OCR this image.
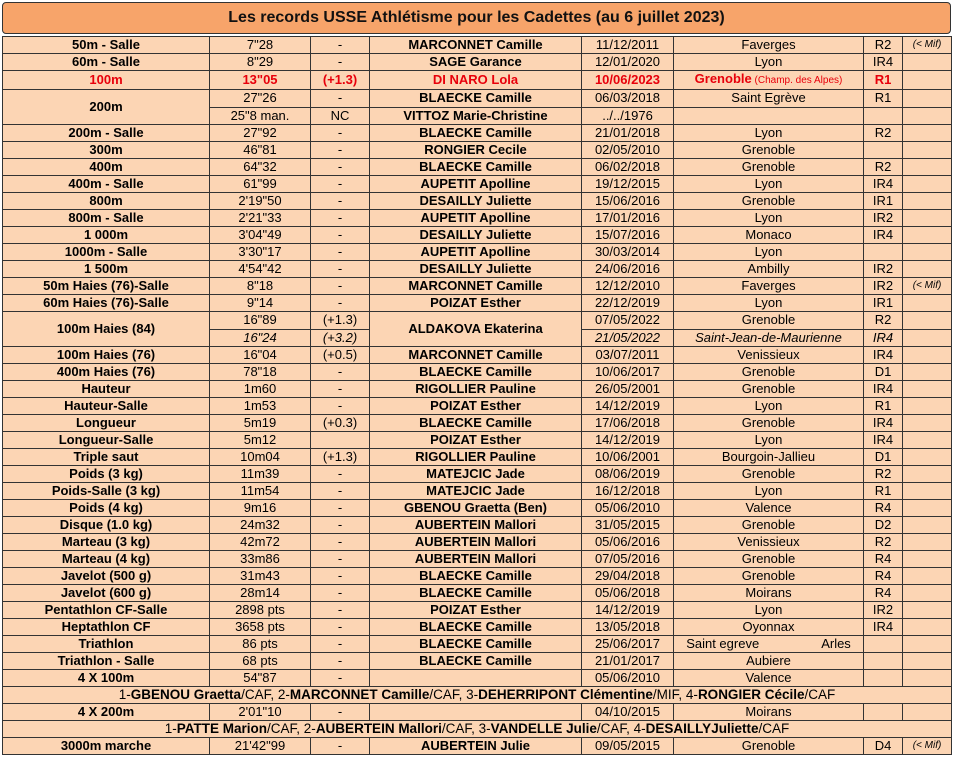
Les records USSE Athlétisme pour les Cadettes (au 6 juillet 2023)
50m - Salle	7"28	-	MARCONNET Camille	11/12/2011	Faverges	R2	(< Mif)
60m - Salle	8"29	-	SAGE Garance	12/01/2020	Lyon	IR4	
100m	13"05	(+1.3)	DI NARO Lola	10/06/2023	Grenoble (Champ. des Alpes)	R1	
200m	27"26	-	BLAECKE Camille	06/03/2018	Saint Egrève	R1	
	25"8 man.	NC	VITTOZ Marie-Christine	../../1976			
200m - Salle	27"92	-	BLAECKE Camille	21/01/2018	Lyon	R2	
300m	46"81	-	RONGIER Cecile	02/05/2010	Grenoble		
400m	64"32	-	BLAECKE Camille	06/02/2018	Grenoble	R2	
400m - Salle	61"99	-	AUPETIT Apolline	19/12/2015	Lyon	IR4	
800m	2'19"50	-	DESAILLY Juliette	15/06/2016	Grenoble	IR1	
800m - Salle	2'21"33	-	AUPETIT Apolline	17/01/2016	Lyon	IR2	
1 000m	3'04"49	-	DESAILLY Juliette	15/07/2016	Monaco	IR4	
1000m - Salle	3'30"17	-	AUPETIT Apolline	30/03/2014	Lyon		
1 500m	4'54"42	-	DESAILLY Juliette	24/06/2016	Ambilly	IR2	
50m Haies (76)-Salle	8"18	-	MARCONNET Camille	12/12/2010	Faverges	IR2	(< Mif)
60m Haies (76)-Salle	9"14	-	POIZAT Esther	22/12/2019	Lyon	IR1	
100m Haies (84)	16"89	(+1.3)	ALDAKOVA Ekaterina	07/05/2022	Grenoble	R2	
	16"24	(+3.2)		21/05/2022	Saint-Jean-de-Maurienne	IR4	
100m Haies (76)	16"04	(+0.5)	MARCONNET Camille	03/07/2011	Venissieux	IR4	
400m Haies (76)	78"18	-	BLAECKE Camille	10/06/2017	Grenoble	D1	
Hauteur	1m60	-	RIGOLLIER Pauline	26/05/2001	Grenoble	IR4	
Hauteur-Salle	1m53	-	POIZAT Esther	14/12/2019	Lyon	R1	
Longueur	5m19	(+0.3)	BLAECKE Camille	17/06/2018	Grenoble	IR4	
Longueur-Salle	5m12		POIZAT Esther	14/12/2019	Lyon	IR4	
Triple saut	10m04	(+1.3)	RIGOLLIER Pauline	10/06/2001	Bourgoin-Jallieu	D1	
Poids (3 kg)	11m39	-	MATEJCIC Jade	08/06/2019	Grenoble	R2	
Poids-Salle (3 kg)	11m54	-	MATEJCIC Jade	16/12/2018	Lyon	R1	
Poids (4 kg)	9m16	-	GBENOU Graetta (Ben)	05/06/2010	Valence	R4	
Disque (1.0 kg)	24m32	-	AUBERTEIN Mallori	31/05/2015	Grenoble	D2	
Marteau (3 kg)	42m72	-	AUBERTEIN Mallori	05/06/2016	Venissieux	R2	
Marteau (4 kg)	33m86	-	AUBERTEIN Mallori	07/05/2016	Grenoble	R4	
Javelot (500 g)	31m43	-	BLAECKE Camille	29/04/2018	Grenoble	R4	
Javelot (600 g)	28m14	-	BLAECKE Camille	05/06/2018	Moirans	R4	
Pentathlon CF-Salle	2898 pts	-	POIZAT Esther	14/12/2019	Lyon	IR2	
Heptathlon CF	3658 pts	-	BLAECKE Camille	13/05/2018	Oyonnax	IR4	
Triathlon	86 pts	-	BLAECKE Camille	25/06/2017	Saint egreve Arles		
Triathlon - Salle	68 pts	-	BLAECKE Camille	21/01/2017	Aubiere		
4 X 100m	54"87	-		05/06/2010	Valence		
1-GBENOU Graetta/CAF, 2-MARCONNET Camille/CAF, 3-DEHERRIPONT Clémentine/MIF, 4-RONGIER Cécile/CAF							
4 X 200m	2'01"10	-		04/10/2015	Moirans		
1-PATTE Marion/CAF, 2-AUBERTEIN Mallori/CAF, 3-VANDELLE Julie/CAF, 4-DESAILLYJuliette/CAF							
3000m marche	21'42"99	-	AUBERTEIN Julie	09/05/2015	Grenoble	D4	(< Mif)
